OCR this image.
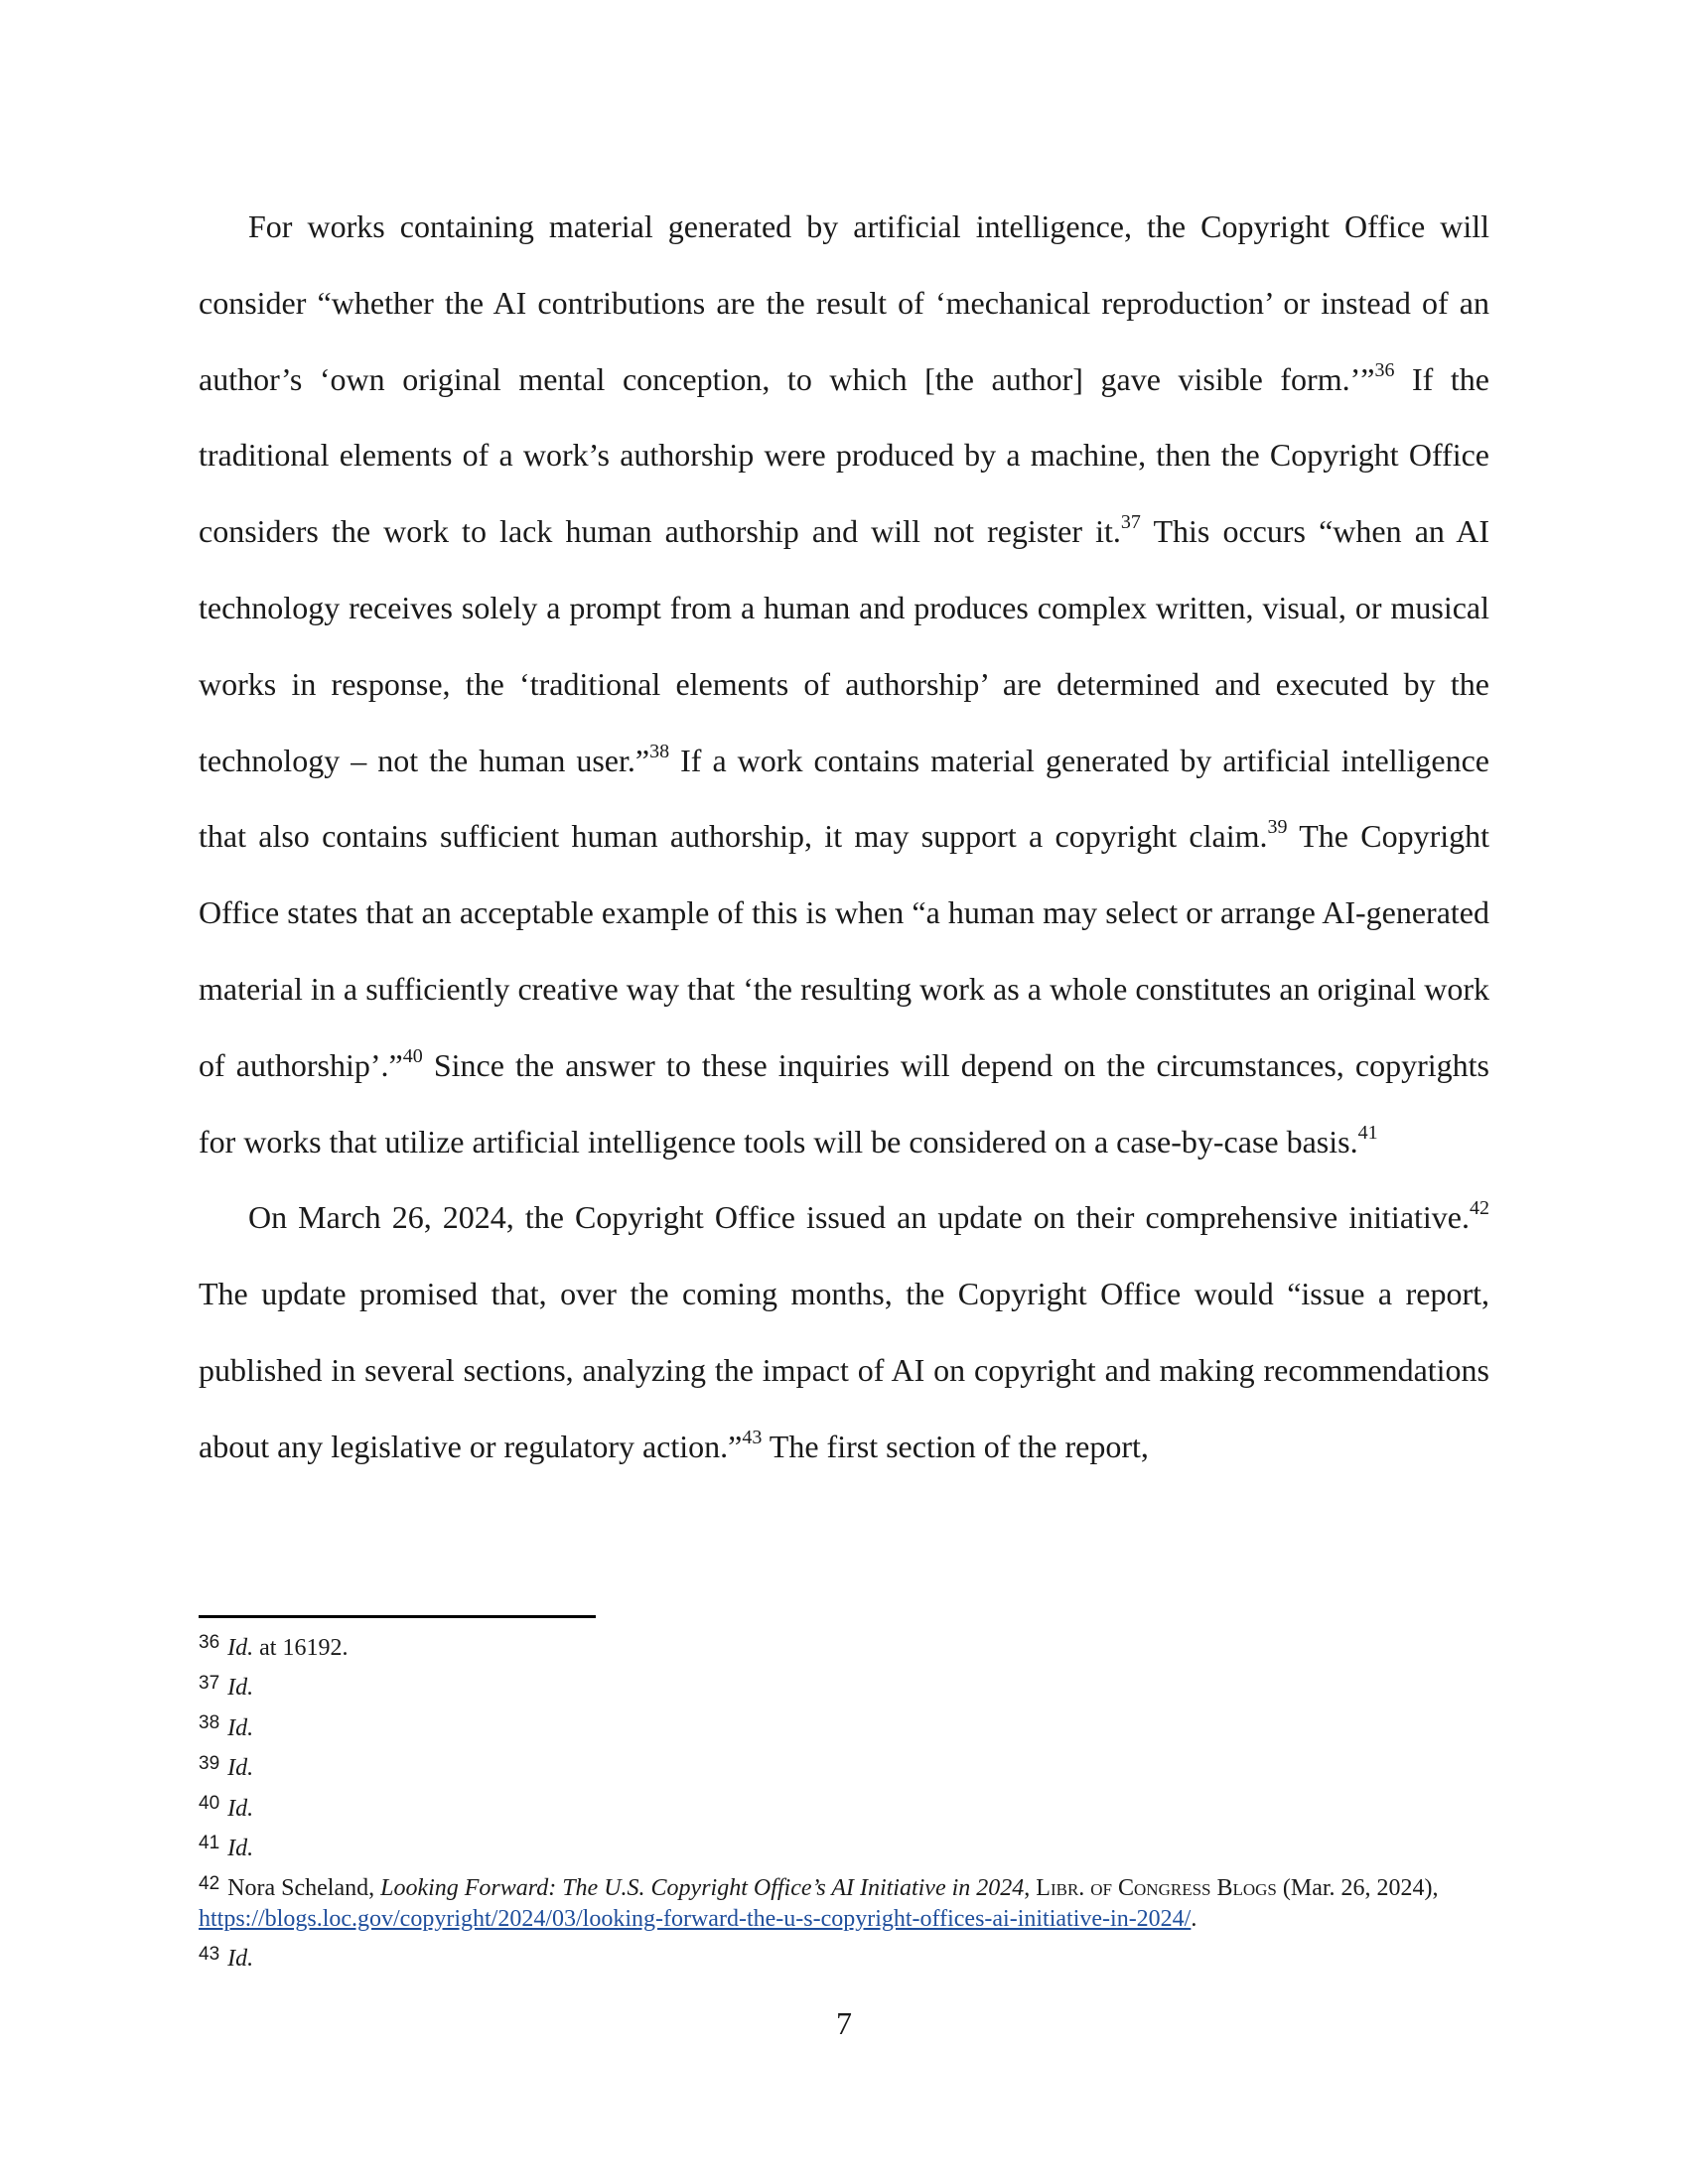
For works containing material generated by artificial intelligence, the Copyright Office will consider “whether the AI contributions are the result of ‘mechanical reproduction’ or instead of an author’s ‘own original mental conception, to which [the author] gave visible form.’”$^{36}$ If the traditional elements of a work’s authorship were produced by a machine, then the Copyright Office considers the work to lack human authorship and will not register it.$^{37}$ This occurs “when an AI technology receives solely a prompt from a human and produces complex written, visual, or musical works in response, the ‘traditional elements of authorship’ are determined and executed by the technology – not the human user.”$^{38}$ If a work contains material generated by artificial intelligence that also contains sufficient human authorship, it may support a copyright claim.$^{39}$ The Copyright Office states that an acceptable example of this is when “a human may select or arrange AI-generated material in a sufficiently creative way that ‘the resulting work as a whole constitutes an original work of authorship’.”$^{40}$ Since the answer to these inquiries will depend on the circumstances, copyrights for works that utilize artificial intelligence tools will be considered on a case-by-case basis.$^{41}$

On March 26, 2024, the Copyright Office issued an update on their comprehensive initiative.$^{42}$ The update promised that, over the coming months, the Copyright Office would “issue a report, published in several sections, analyzing the impact of AI on copyright and making recommendations about any legislative or regulatory action.”$^{43}$ The first section of the report,

$^{36}$ Id. at 16192.
$^{37}$ Id.
$^{38}$ Id.
$^{39}$ Id.
$^{40}$ Id.
$^{41}$ Id.
$^{42}$ Nora Scheland, Looking Forward: The U.S. Copyright Office’s AI Initiative in 2024, Libr. of Congress Blogs (Mar. 26, 2024), https://blogs.loc.gov/copyright/2024/03/looking-forward-the-u-s-copyright-offices-ai-initiative-in-2024/.
$^{43}$ Id.
7
